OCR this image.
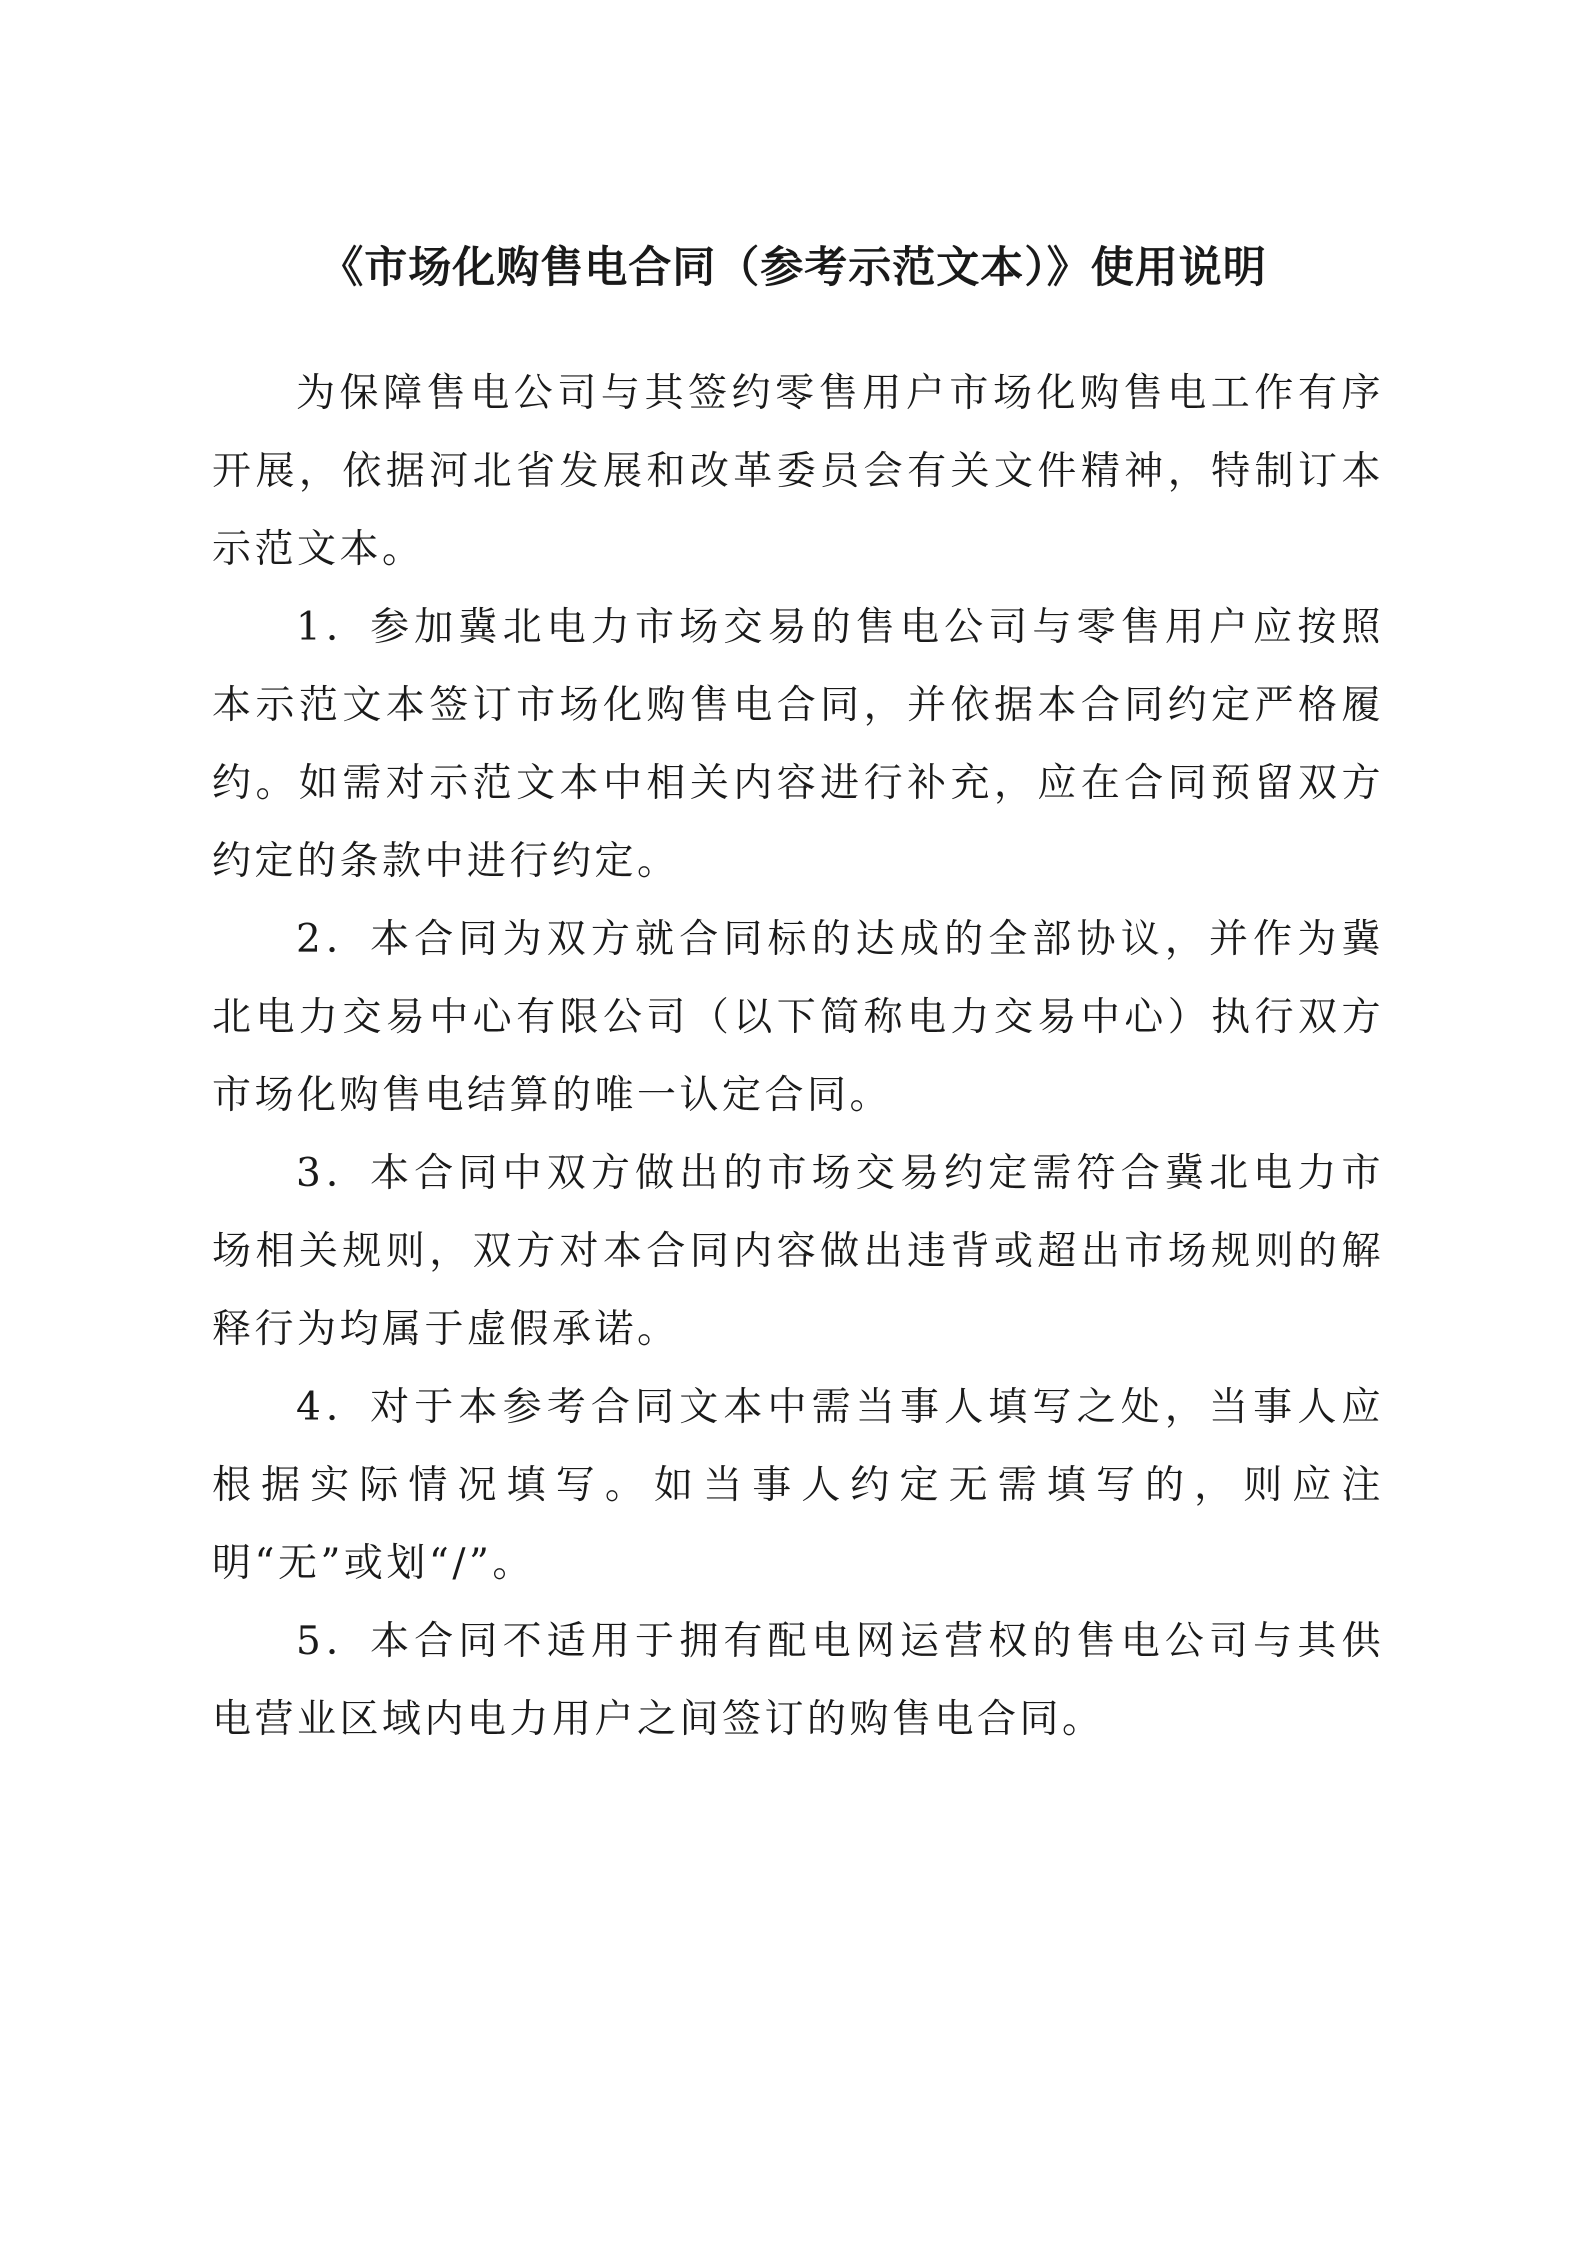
《市场化购售电合同（参考示范文本）》使用说明

为保障售电公司与其签约零售用户市场化购售电工作有序开展，依据河北省发展和改革委员会有关文件精神，特制订本示范文本。

1．参加冀北电力市场交易的售电公司与零售用户应按照本示范文本签订市场化购售电合同，并依据本合同约定严格履约。如需对示范文本中相关内容进行补充，应在合同预留双方约定的条款中进行约定。

2．本合同为双方就合同标的达成的全部协议，并作为冀北电力交易中心有限公司（以下简称电力交易中心）执行双方市场化购售电结算的唯一认定合同。

3．本合同中双方做出的市场交易约定需符合冀北电力市场相关规则，双方对本合同内容做出违背或超出市场规则的解释行为均属于虚假承诺。

4．对于本参考合同文本中需当事人填写之处，当事人应根据实际情况填写。如当事人约定无需填写的，则应注明“无”或划“/”。

5．本合同不适用于拥有配电网运营权的售电公司与其供电营业区域内电力用户之间签订的购售电合同。
